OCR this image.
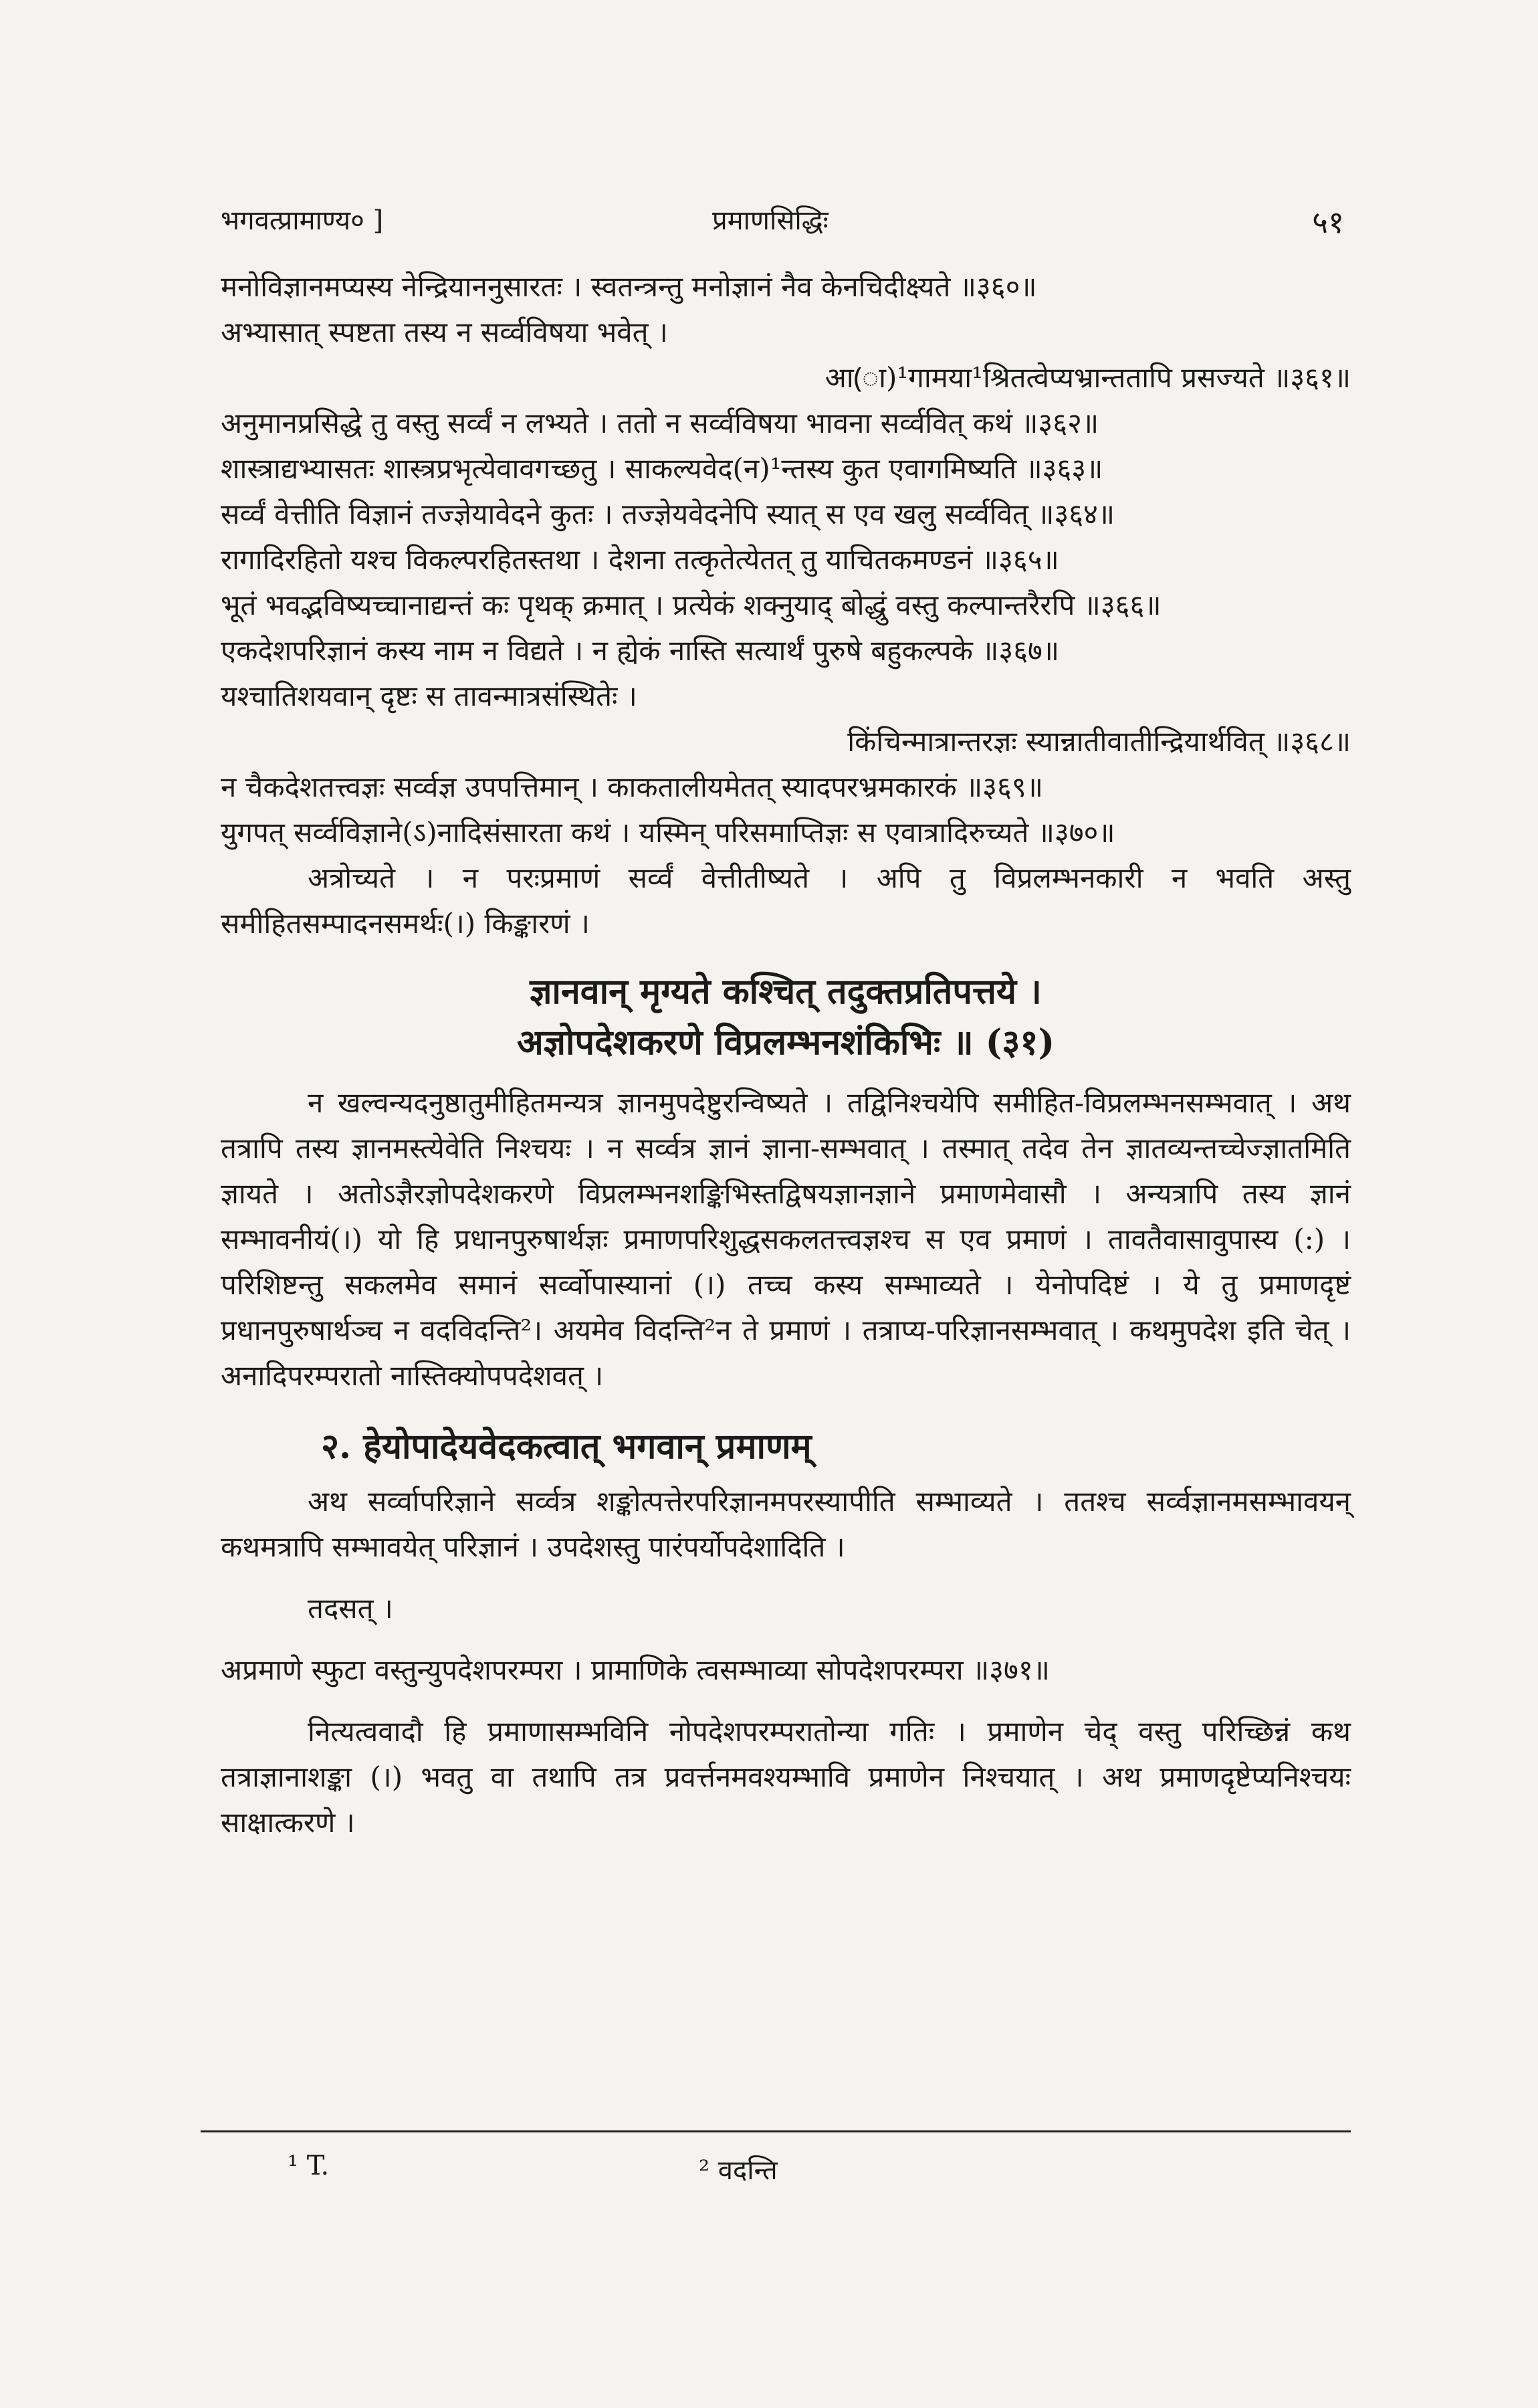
भगवत्प्रामाण्य० ]	प्रमाणसिद्धिः	५१
मनोविज्ञानमप्यस्य नेन्द्रियाननुसारतः । स्वतन्त्रन्तु मनोज्ञानं नैव केनचिदीक्ष्यते ॥३६०॥
अभ्यासात् स्पष्टता तस्य न सर्व्वविषया भवेत् ।
आ(ा)¹गामया¹श्रितत्वेप्यभ्रान्ततापि प्रसज्यते ॥३६१॥
अनुमानप्रसिद्धे तु वस्तु सर्व्वं न लभ्यते । ततो न सर्व्वविषया भावना सर्व्ववित् कथं ॥३६२॥
शास्त्राद्यभ्यासतः शास्त्रप्रभृत्येवावगच्छतु । साकल्यवेद(न)¹न्तस्य कुत एवागमिष्यति ॥३६३॥
सर्व्वं वेत्तीति विज्ञानं तज्ज्ञेयावेदने कुतः । तज्ज्ञेयवेदनेपि स्यात् स एव खलु सर्व्ववित् ॥३६४॥
रागादिरहितो यश्च विकल्परहितस्तथा । देशना तत्कृतेत्येतत् तु याचितकमण्डनं ॥३६५॥
भूतं भवद्भविष्यच्चानाद्यन्तं कः पृथक् क्रमात् । प्रत्येकं शक्नुयाद् बोद्धुं वस्तु कल्पान्तरैरपि ॥३६६॥
एकदेशपरिज्ञानं कस्य नाम न विद्यते । न ह्येकं नास्ति सत्यार्थं पुरुषे बहुकल्पके ॥३६७॥
यश्चातिशयवान् दृष्टः स तावन्मात्रसंस्थितेः ।
किंचिन्मात्रान्तरज्ञः स्यान्नातीवातीन्द्रियार्थवित् ॥३६८॥
न चैकदेशतत्त्वज्ञः सर्व्वज्ञ उपपत्तिमान् । काकतालीयमेतत् स्यादपरभ्रमकारकं ॥३६९॥
युगपत् सर्व्वविज्ञाने(ऽ)नादिसंसारता कथं । यस्मिन् परिसमाप्तिज्ञः स एवात्रादिरुच्यते ॥३७०॥

अत्रोच्यते । न परःप्रमाणं सर्व्वं वेत्तीतीष्यते । अपि तु विप्रलम्भनकारी न भवति अस्तु समीहितसम्पादनसमर्थः(।) किङ्कारणं ।

ज्ञानवान् मृग्यते कश्चित् तदुक्तप्रतिपत्तये ।
अज्ञोपदेशकरणे विप्रलम्भनशंकिभिः ॥ (३१)

न खल्वन्यदनुष्ठातुमीहितमन्यत्र ज्ञानमुपदेष्टुरन्विष्यते । तद्विनिश्चयेपि समीहित-विप्रलम्भनसम्भवात् । अथ तत्रापि तस्य ज्ञानमस्त्येवेति निश्चयः । न सर्व्वत्र ज्ञानं ज्ञाना-सम्भवात् । तस्मात् तदेव तेन ज्ञातव्यन्तच्चेज्ज्ञातमिति ज्ञायते । अतोऽज्ञैरज्ञोपदेशकरणे विप्रलम्भनशङ्किभिस्तद्विषयज्ञानज्ञाने प्रमाणमेवासौ । अन्यत्रापि तस्य ज्ञानं सम्भावनीयं(।) यो हि प्रधानपुरुषार्थज्ञः प्रमाणपरिशुद्धसकलतत्त्वज्ञश्च स एव प्रमाणं । तावतैवासावुपास्य (:) । परिशिष्टन्तु सकलमेव समानं सर्व्वोपास्यानां (।) तच्च कस्य सम्भाव्यते । येनोपदिष्टं । ये तु प्रमाणदृष्टं प्रधानपुरुषार्थञ्च न वदविदन्ति²। अयमेव विदन्ति²न ते प्रमाणं । तत्राप्य-परिज्ञानसम्भवात् । कथमुपदेश इति चेत् । अनादिपरम्परातो नास्तिक्योपपदेशवत् ।

२. हेयोपादेयवेदकत्वात् भगवान् प्रमाणम्

अथ सर्व्वापरिज्ञाने सर्व्वत्र शङ्कोत्पत्तेरपरिज्ञानमपरस्यापीति सम्भाव्यते । ततश्च सर्व्वज्ञानमसम्भावयन् कथमत्रापि सम्भावयेत् परिज्ञानं । उपदेशस्तु पारंपर्योपदेशादिति ।

तदसत् ।

अप्रमाणे स्फुटा वस्तुन्युपदेशपरम्परा । प्रामाणिके त्वसम्भाव्या सोपदेशपरम्परा ॥३७१॥

नित्यत्ववादौ हि प्रमाणासम्भविनि नोपदेशपरम्परातोन्या गतिः । प्रमाणेन चेद् वस्तु परिच्छिन्नं कथ तत्राज्ञानाशङ्का (।) भवतु वा तथापि तत्र प्रवर्त्तनमवश्यम्भावि प्रमाणेन निश्चयात् । अथ प्रमाणदृष्टेप्यनिश्चयः साक्षात्करणे ।

¹ T.	² वदन्ति
